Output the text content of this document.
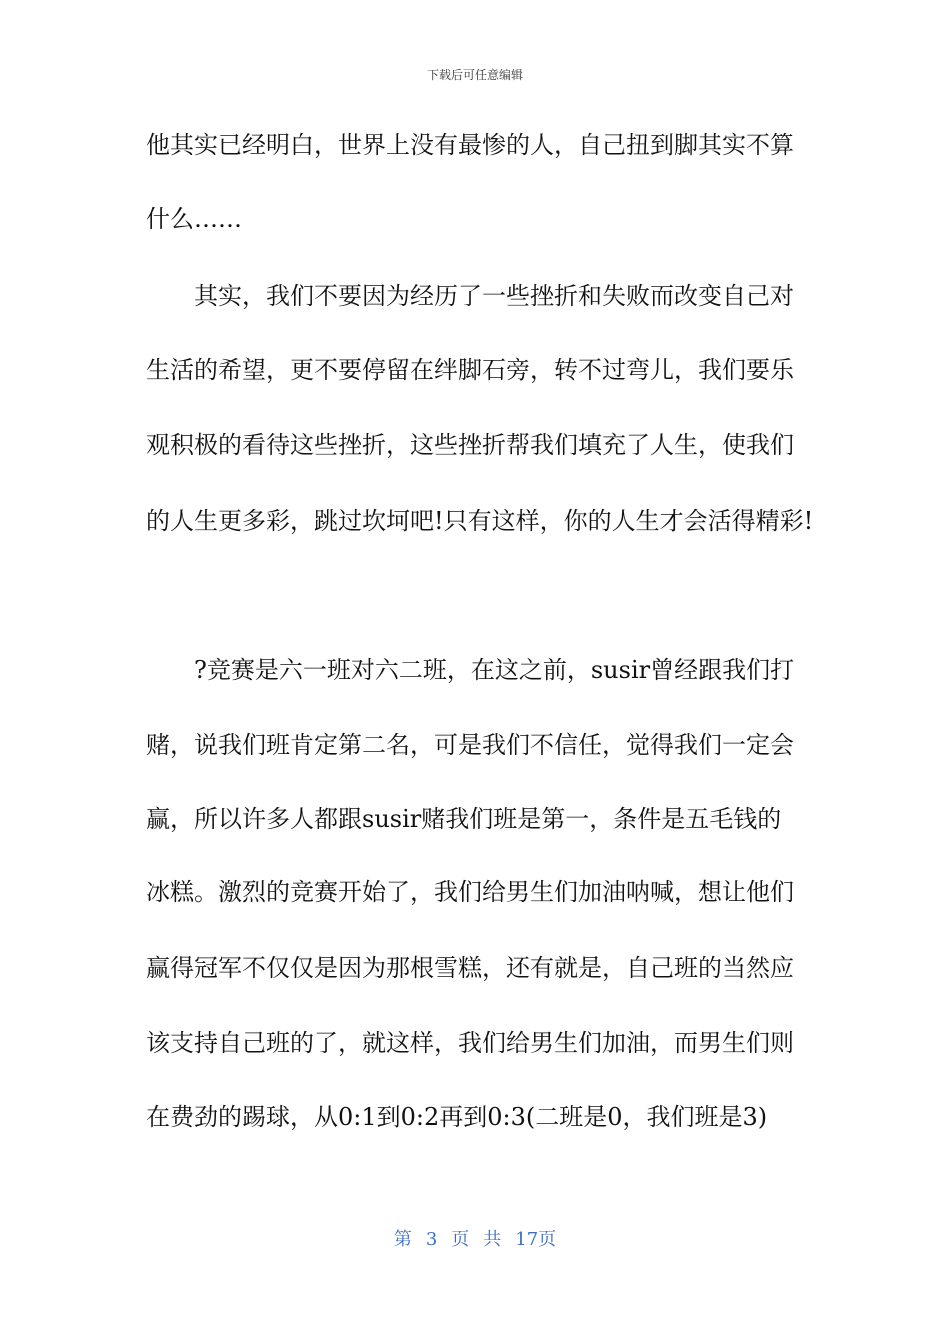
下载后可任意编辑
他其实已经明白，世界上没有最惨的人，自己扭到脚其实不算
什么……
其实，我们不要因为经历了一些挫折和失败而改变自己对
生活的希望，更不要停留在绊脚石旁，转不过弯儿，我们要乐
观积极的看待这些挫折，这些挫折帮我们填充了人生，使我们
的人生更多彩，跳过坎坷吧!只有这样，你的人生才会活得精彩!
?竞赛是六一班对六二班，在这之前，susir曾经跟我们打
赌，说我们班肯定第二名，可是我们不信任，觉得我们一定会
赢，所以许多人都跟susir赌我们班是第一，条件是五毛钱的
冰糕。激烈的竞赛开始了，我们给男生们加油呐喊，想让他们
赢得冠军不仅仅是因为那根雪糕，还有就是，自己班的当然应
该支持自己班的了，就这样，我们给男生们加油，而男生们则
在费劲的踢球，从0:1到0:2再到0:3(二班是0，我们班是3)
第 3 页 共 17页
